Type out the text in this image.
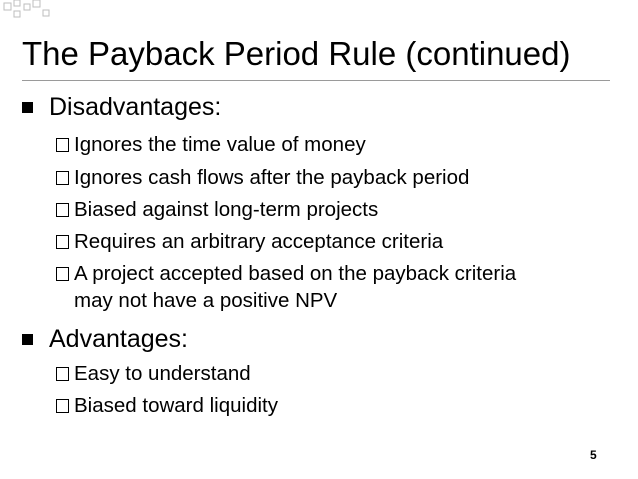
The Payback Period Rule (continued)
Disadvantages:
Ignores the time value of money
Ignores cash flows after the payback period
Biased against long-term projects
Requires an arbitrary acceptance criteria
A project accepted based on the payback criteria
may not have a positive NPV
Advantages:
Easy to understand
Biased toward liquidity
5
